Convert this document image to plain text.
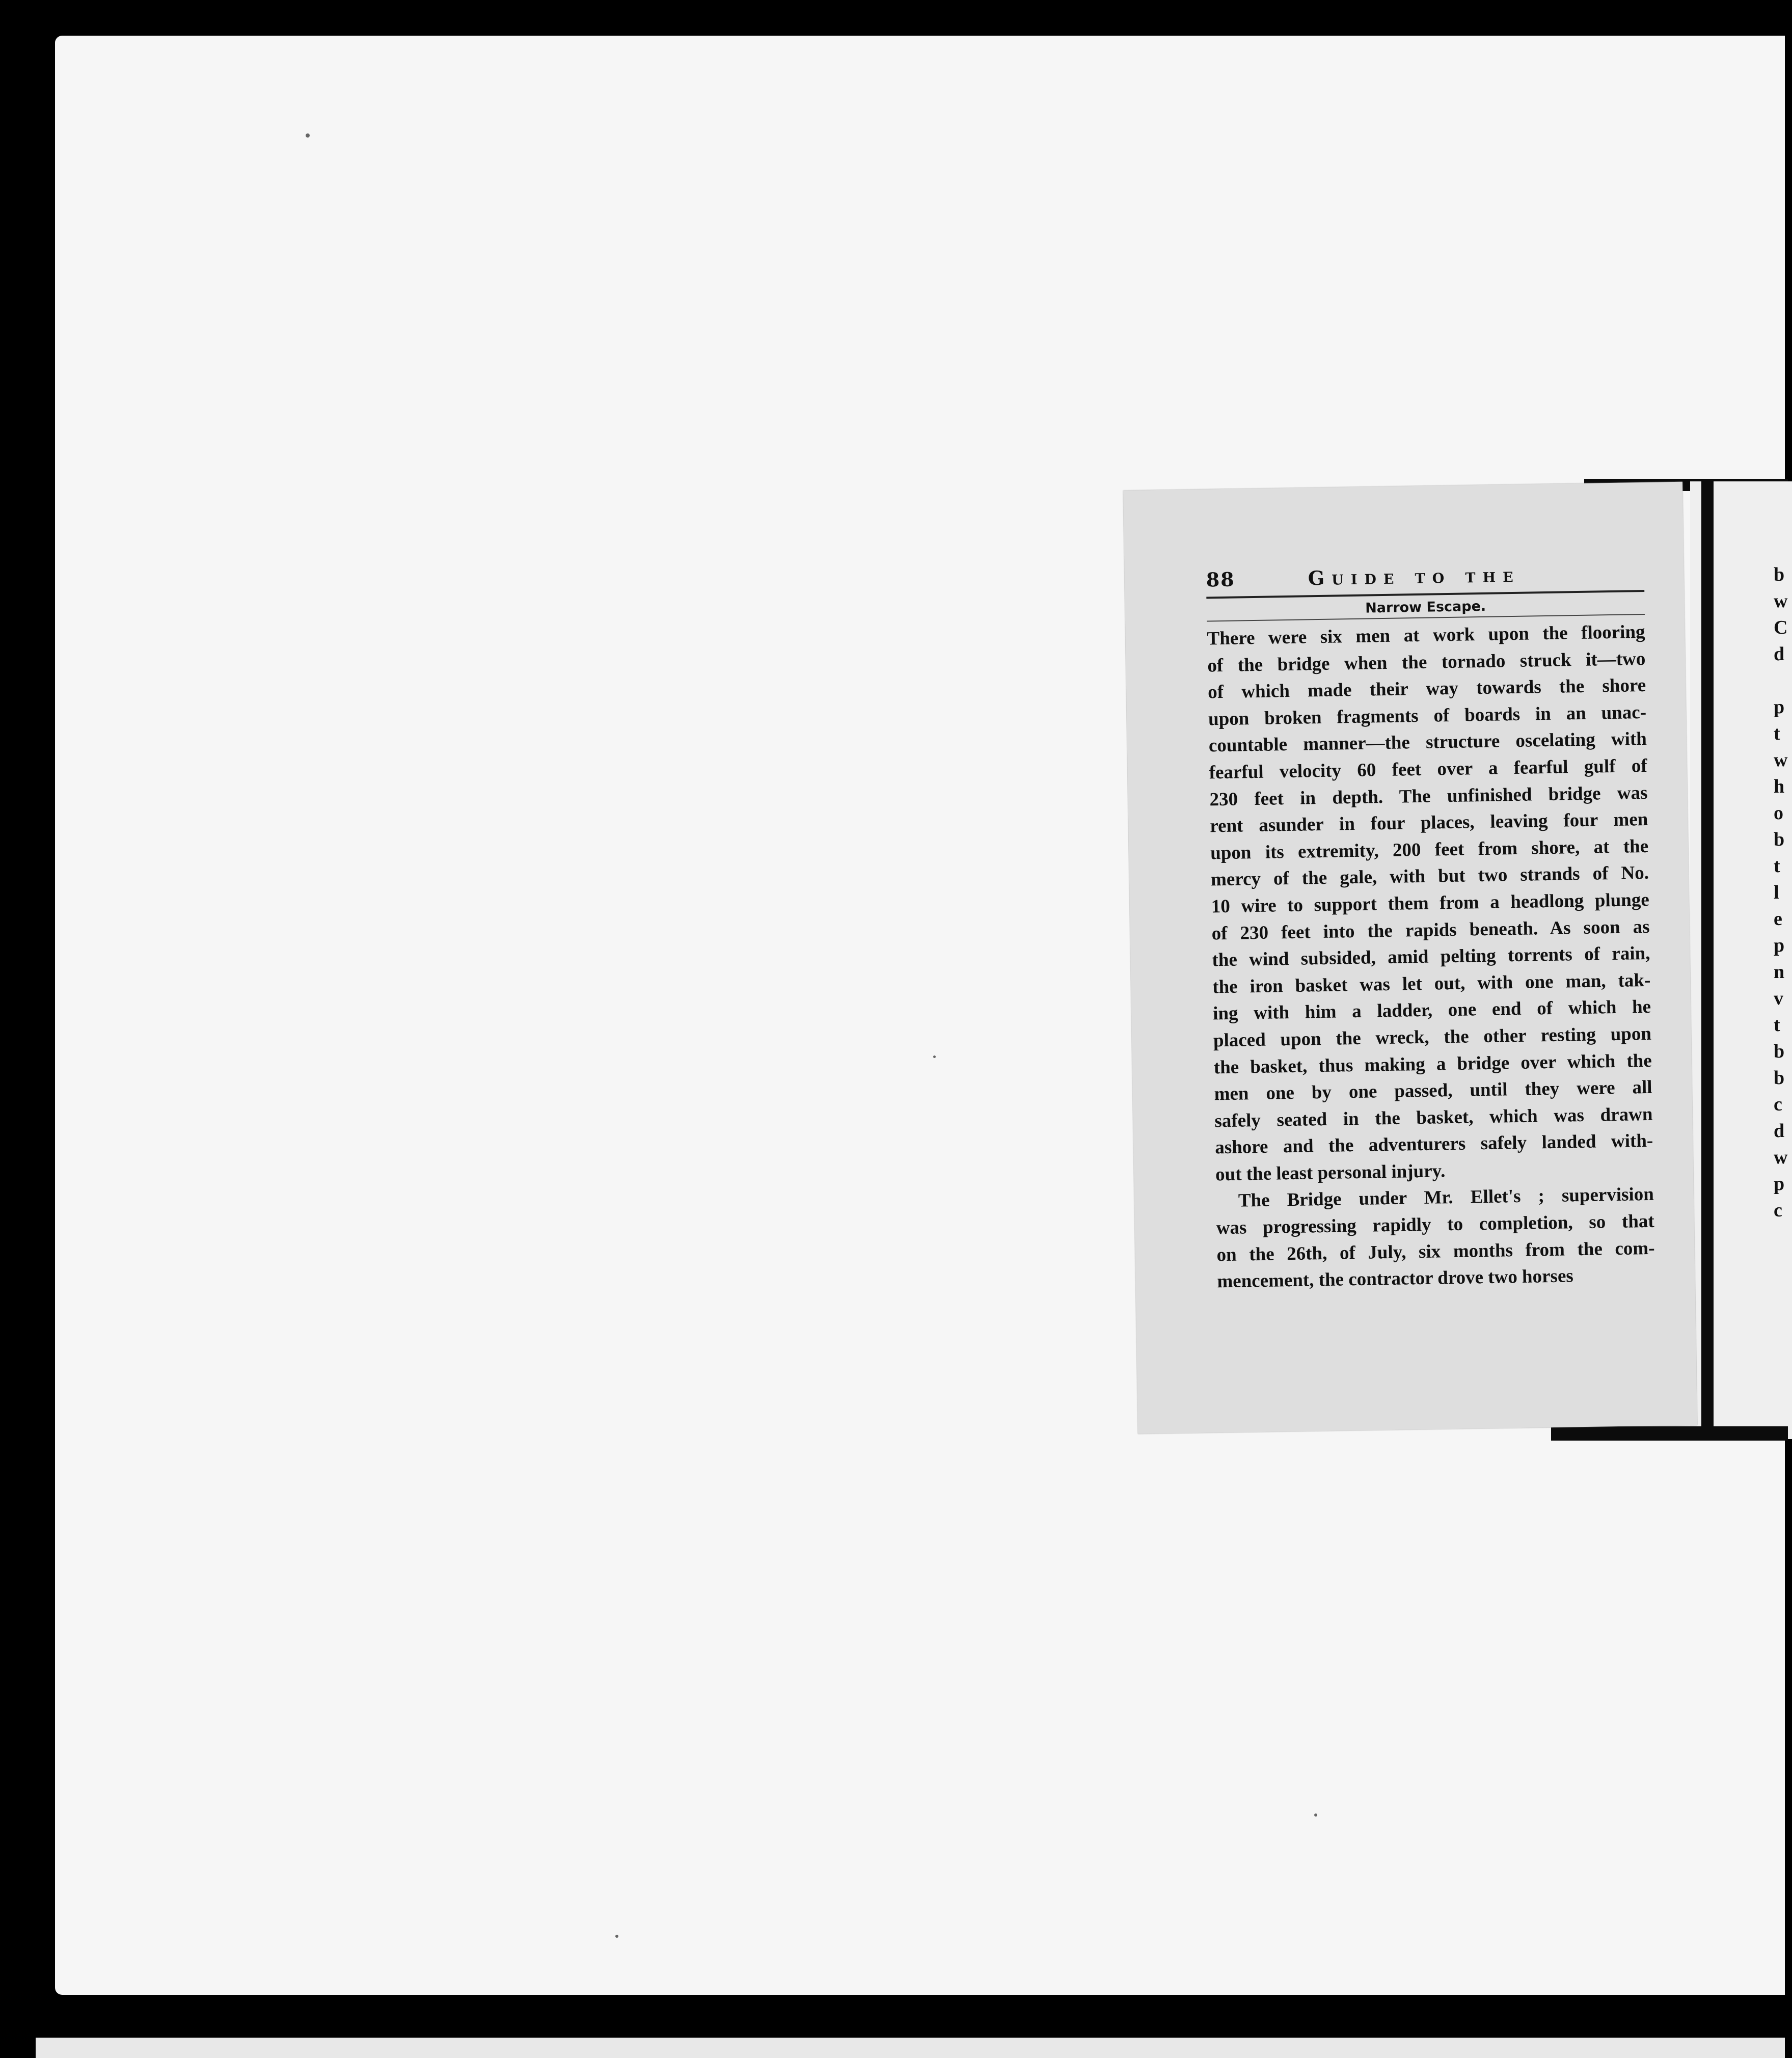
b
w
C
d

p
t
w
h
o
b
t
l
e
p
n
v
t
b
b
c
d
w
p
c
88	Guide to the
Narrow Escape.
There were six men at work upon the flooring
of the bridge when the tornado struck it—two
of which made their way towards the shore
upon broken fragments of boards in an unac-
countable manner—the structure oscelating with
fearful velocity 60 feet over a fearful gulf of
230 feet in depth. The unfinished bridge was
rent asunder in four places, leaving four men
upon its extremity, 200 feet from shore, at the
mercy of the gale, with but two strands of No.
10 wire to support them from a headlong plunge
of 230 feet into the rapids beneath. As soon as
the wind subsided, amid pelting torrents of rain,
the iron basket was let out, with one man, tak-
ing with him a ladder, one end of which he
placed upon the wreck, the other resting upon
the basket, thus making a bridge over which the
men one by one passed, until they were all
safely seated in the basket, which was drawn
ashore and the adventurers safely landed with-
out the least personal injury.
The Bridge under Mr. Ellet's ; supervision
was progressing rapidly to completion, so that
on the 26th, of July, six months from the com-
mencement, the contractor drove two horses
